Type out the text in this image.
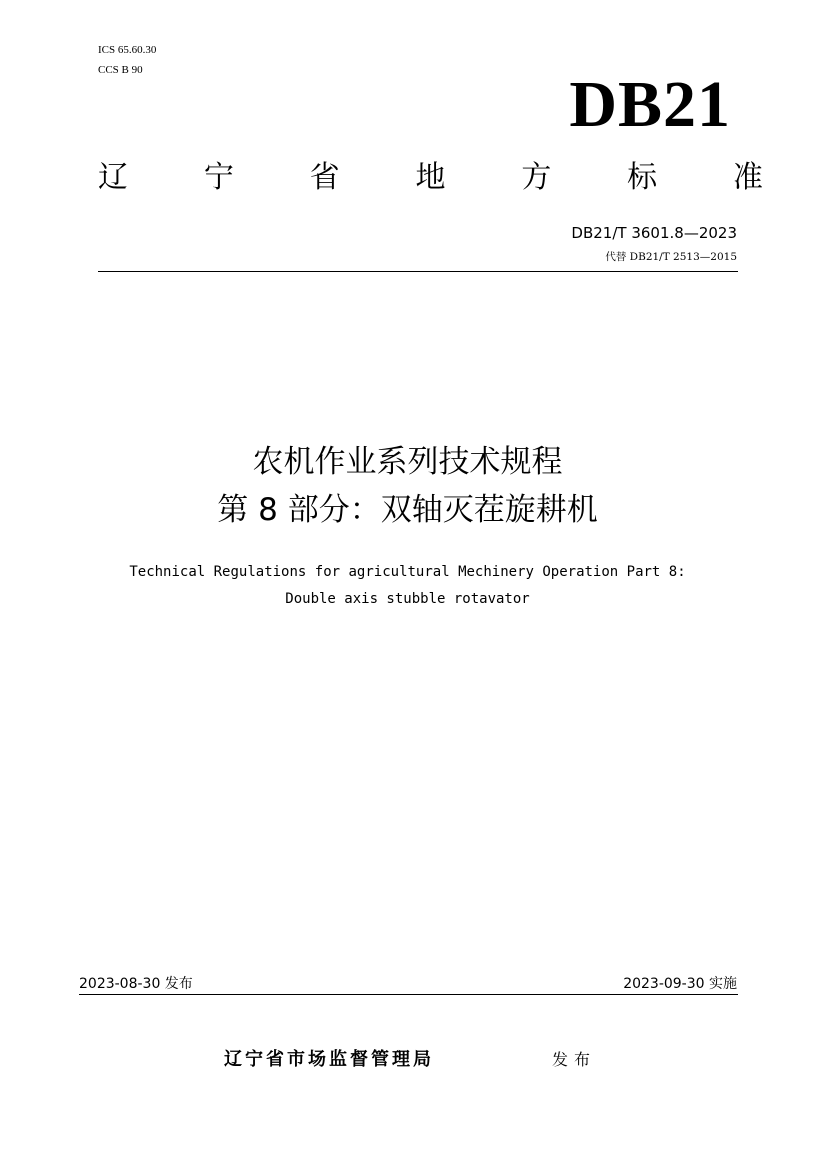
ICS 65.60.30
CCS B 90	DB21
辽	宁	省	地	方	标	准
DB21/T 3601.8—2023
代替 DB21/T 2513—2015
农机作业系列技术规程
第 8 部分：双轴灭茬旋耕机
Technical Regulations for agricultural Mechinery Operation Part 8:
Double axis stubble rotavator
2023-08-30 发布	2023-09-30 实施
辽宁省市场监督管理局	发布
